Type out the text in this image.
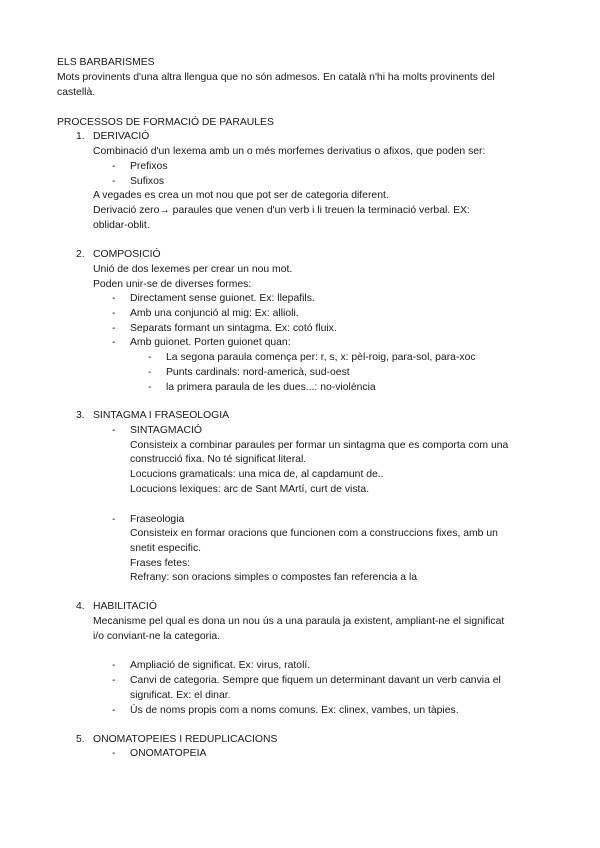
ELS BARBARISMES
Mots provinents d'una altra llengua que no són admesos. En català n'hi ha molts provinents del
castellà.
PROCESSOS DE FORMACIÓ DE PARAULES
1. DERIVACIÓ
Combinació d'un lexema amb un o més morfemes derivatius o afixos, que poden ser:
- Prefixos
- Sufixos
A vegades es crea un mot nou que pot ser de categoria diferent.
Derivació zero→ paraules que venen d'un verb i li treuen la terminació verbal. EX:
oblidar-oblit.
2. COMPOSICIÓ
Unió de dos lexemes per crear un nou mot.
Poden unir-se de diverses formes:
- Directament sense guionet. Ex: llepafils.
- Amb una conjunció al mig: Ex: allioli.
- Separats formant un sintagma. Ex: cotó fluix.
- Amb guionet. Porten guionet quan:
- La segona paraula comença per: r, s, x: pèl-roig, para-sol, para-xoc
- Punts cardinals: nord-americà, sud-oest
- la primera paraula de les dues...: no-violència
3. SINTAGMA I FRASEOLOGIA
- SINTAGMACIÓ
Consisteix a combinar paraules per formar un sintagma que es comporta com una
construcció fixa. No té significat literal.
Locucions gramaticals: una mica de, al capdamunt de..
Locucions lexiques: arc de Sant MArtí, curt de vista.
- Fraseologia
Consisteix en formar oracions que funcionen com a construccions fixes, amb un
snetit especific.
Frases fetes:
Refrany: son oracions simples o compostes fan referencia a la
4. HABILITACIÓ
Mecanisme pel qual es dona un nou ús a una paraula ja existent, ampliant-ne el significat
i/o conviant-ne la categoria.
- Ampliació de significat. Ex: virus, ratolí.
- Canvi de categoria. Sempre que fiquem un determinant davant un verb canvia el
significat. Ex: el dinar.
- Ús de noms propis com a noms comuns. Ex: clinex, vambes, un tàpies.
5. ONOMATOPEIES I REDUPLICACIONS
- ONOMATOPEIA
